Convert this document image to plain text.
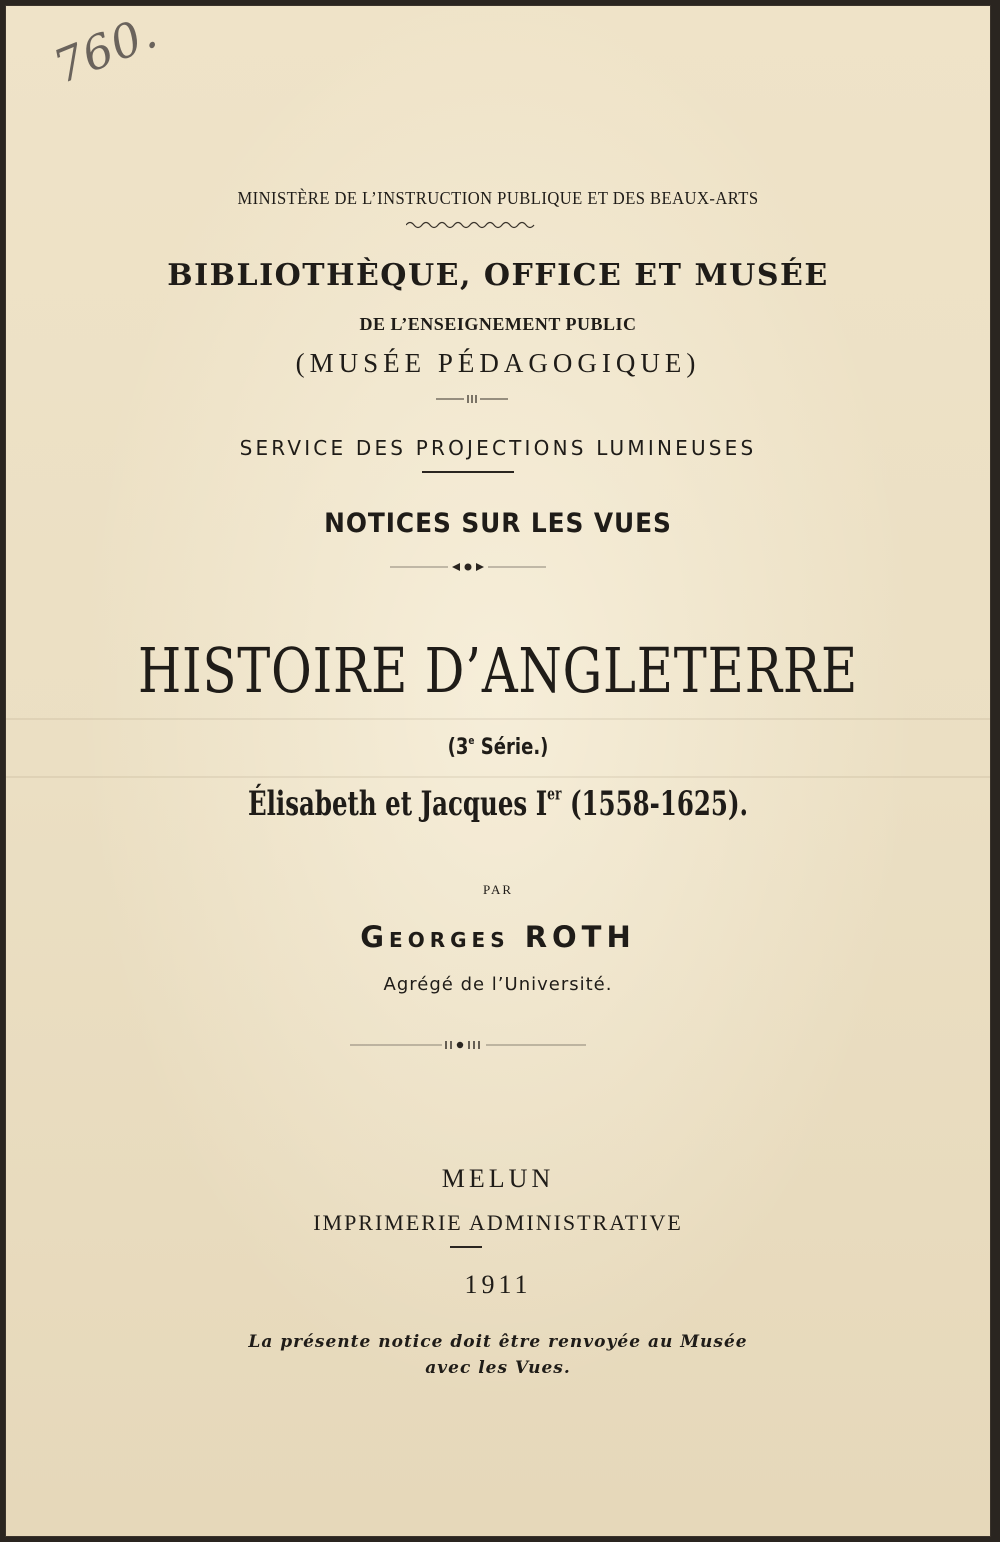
760.
MINISTÈRE DE L’INSTRUCTION PUBLIQUE ET DES BEAUX-ARTS
BIBLIOTHÈQUE, OFFICE ET MUSÉE
DE L’ENSEIGNEMENT PUBLIC
(MUSÉE PÉDAGOGIQUE)
SERVICE DES PROJECTIONS LUMINEUSES
NOTICES SUR LES VUES
HISTOIRE D’ANGLETERRE
(3e Série.)
Élisabeth et Jacques Ier (1558-1625).
PAR
Georges ROTH
Agrégé de l’Université.
MELUN
IMPRIMERIE ADMINISTRATIVE
1911
La présente notice doit être renvoyée au Musée
avec les Vues.
